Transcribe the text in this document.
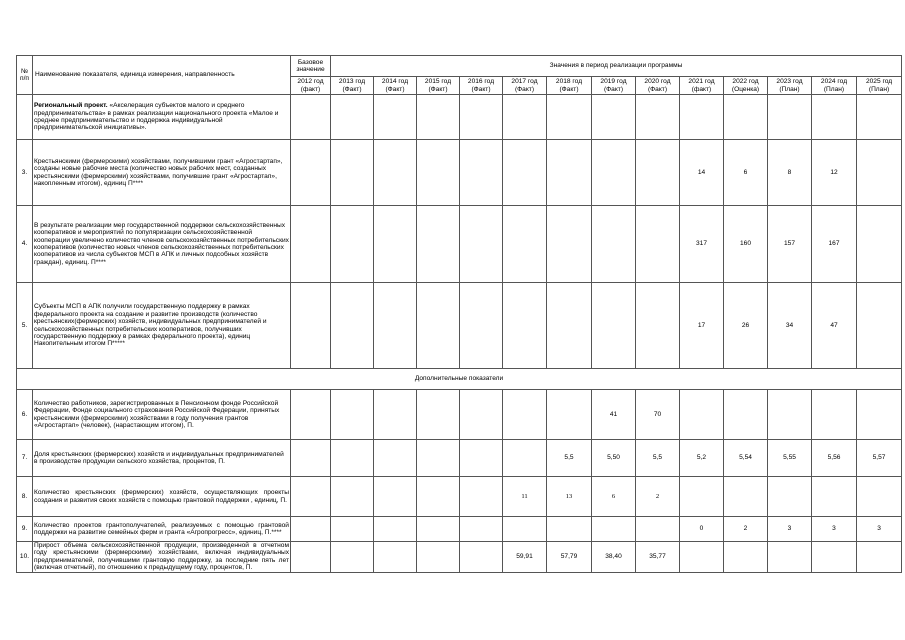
№
п/п	Наименование показателя, единица измерения, направленность	Базовое значение	Значения в период реализации программы												
		2012 год (факт)	2013 год (Факт)	2014 год (Факт)	2015 год (Факт)	2016 год (Факт)	2017 год (Факт)	2018 год (Факт)	2019 год (Факт)	2020 год (Факт)	2021 год (факт)	2022 год (Оценка)	2023 год (План)	2024 год (План)	2025 год (План)
	Региональный проект. «Акселерация субъектов малого и среднего предпринимательства» в рамках реализации национального проекта «Малое и среднее предпринимательство и поддержка индивидуальной предпринимательской инициативы».														
3.	Крестьянскими (фермерскими) хозяйствами, получившими грант «Агростартап», созданы новые рабочие места (количество новых рабочих мест, созданных крестьянскими (фермерскими) хозяйствами, получившие грант «Агростартап», накопленным итогом), единиц П****										14	6	8	12	
4.	В результате реализации мер государственной поддержки сельскохозяйственных кооперативов и мероприятий по популяризации сельскохозяйственной кооперации увеличено количество членов сельскохозяйственных потребительских кооперативов (количество новых членов сельскохозяйственных потребительских кооперативов из числа субъектов МСП в АПК и личных подсобных хозяйств граждан), единиц. П****										317	160	157	167	
5.	Субъекты МСП в АПК получили государственную поддержку в рамках федерального проекта на создание и развитие производств (количество крестьянских(фермерских) хозяйств, индивидуальных предпринимателей и сельскохозяйственных потребительских кооперативов, получивших государственную поддержку в рамках федерального проекта), единиц Накопительным итогом П*****										17	26	34	47	
Дополнительные показатели															
6.	Количество работников, зарегистрированных в Пенсионном фонде Российской Федерации, Фонде социального страхования Российской Федерации, принятых крестьянскими (фермерскими) хозяйствами в году получения грантов «Агростартап» (человек), (нарастающим итогом), П.								41	70					
7.	Доля крестьянских (фермерских) хозяйств и индивидуальных предпринимателей в производстве продукции сельского хозяйства, процентов, П.							5,5	5,50	5,5	5,2	5,54	5,55	5,56	5,57
8.	Количество крестьянских (фермерских) хозяйств, осуществляющих проекты создания и развития своих хозяйств с помощью грантовой поддержки , единиц, П.						11	13	6	2					
9.	Количество проектов грантополучателей, реализуемых с помощью грантовой поддержки на развитие семейных ферм и гранта «Агропрогресс», единиц, П.****										0	2	3	3	3
10.	Прирост объема сельскохозяйственной продукции, произведенной в отчетном году крестьянскими (фермерскими) хозяйствами, включая индивидуальных предпринимателей, получившими грантовую поддержку, за последние пять лет (включая отчетный), по отношению к предыдущему году, процентов, П.						59,91	57,79	38,40	35,77					
